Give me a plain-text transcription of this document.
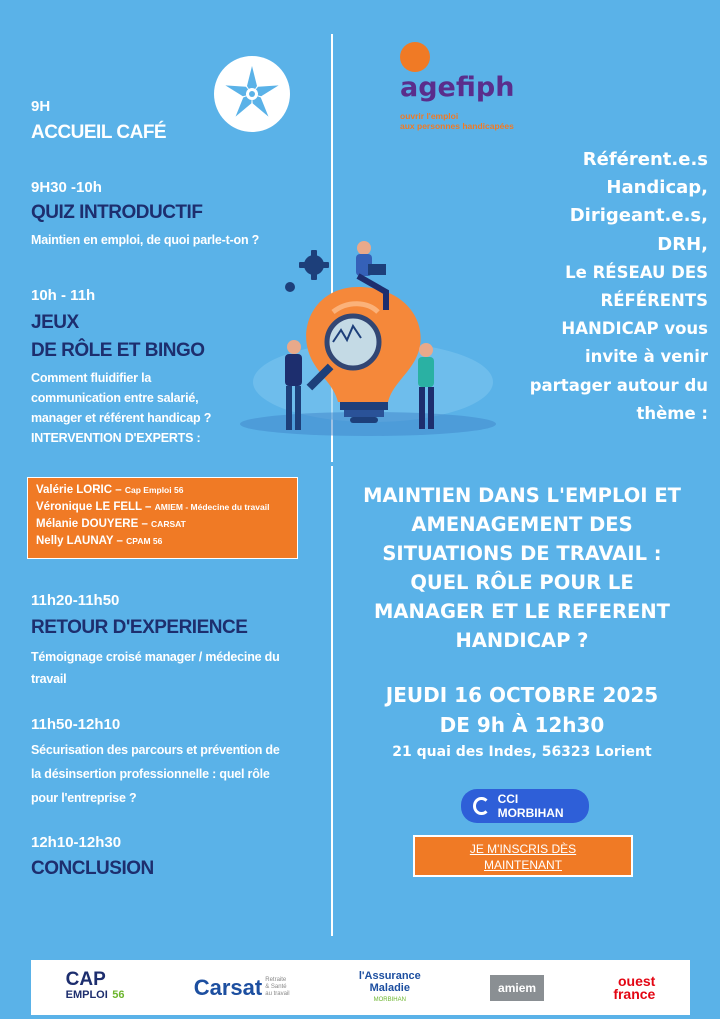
9H
ACCUEIL CAFÉ
9H30 -10h
QUIZ INTRODUCTIF
Maintien en emploi, de quoi parle-t-on ?
10h - 11h
JEUX
DE RÔLE ET BINGO
Comment fluidifier la
communication entre salarié,
manager et référent handicap ?
INTERVENTION D'EXPERTS :
Valérie LORIC – Cap Emploi 56
Véronique LE FELL – AMIEM - Médecine du travail
Mélanie DOUYERE – CARSAT
Nelly LAUNAY – CPAM 56
11h20-11h50
RETOUR D'EXPERIENCE
Témoignage croisé manager / médecine du
travail
11h50-12h10
Sécurisation des parcours et prévention de
la désinsertion professionnelle : quel rôle
pour l'entreprise ?
12h10-12h30
CONCLUSION
agefiph
ouvrir l'emploi
aux personnes handicapées
Référent.e.s
Handicap,
Dirigeant.e.s,
DRH,
Le RÉSEAU DES
RÉFÉRENTS
HANDICAP vous
invite à venir
partager autour du
thème :
MAINTIEN DANS L'EMPLOI ET
AMENAGEMENT DES
SITUATIONS DE TRAVAIL :
QUEL RÔLE POUR LE
MANAGER ET LE REFERENT
HANDICAP ?
JEUDI 16 OCTOBRE 2025
DE 9h À 12h30
21 quai des Indes, 56323 Lorient
CCI MORBIHAN
JE M'INSCRIS DÈS
MAINTENANT
CAP
EMPLOI 56	Carsat Retraite
& Santé
au travail
l'Assurance
Maladie
MORBIHAN
amiem	ouest
france
